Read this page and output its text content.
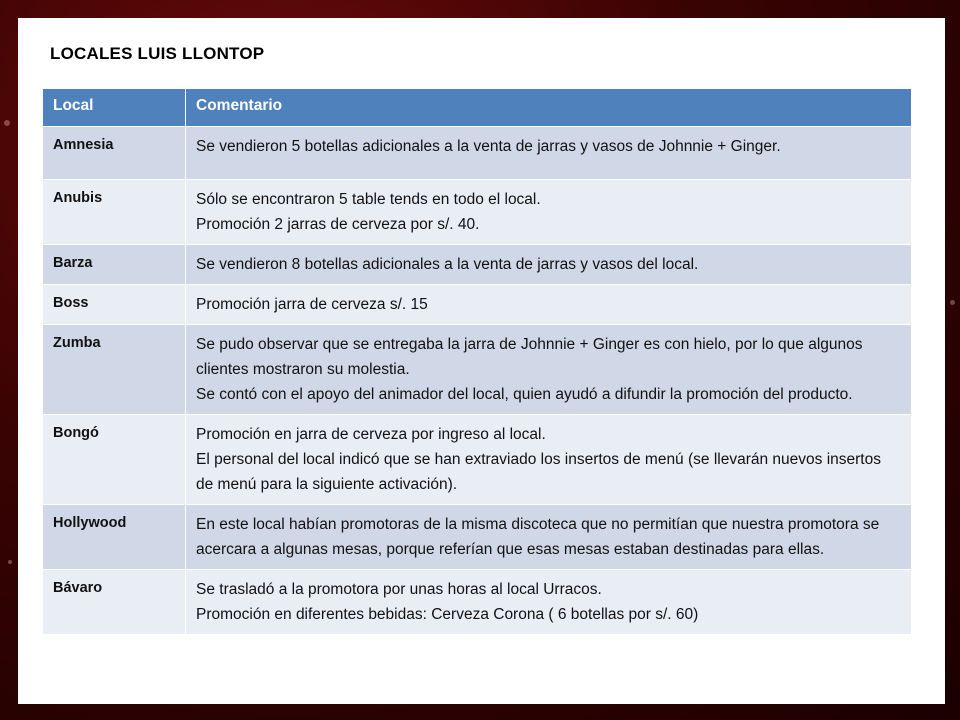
LOCALES LUIS LLONTOP
Local	Comentario
Amnesia	Se vendieron 5 botellas adicionales a la venta de jarras y vasos de Johnnie + Ginger.

Anubis	Sólo se encontraron 5 table tends en todo el local.
Promoción 2 jarras de cerveza por s/. 40.

Barza	Se vendieron 8 botellas adicionales a la venta de jarras y vasos del local.

Boss	Promoción jarra de cerveza s/. 15

Zumba	Se pudo observar que se entregaba la jarra de Johnnie + Ginger es con hielo, por lo que algunos clientes mostraron su molestia.
Se contó con el apoyo del animador del local, quien ayudó a difundir la promoción del producto.

Bongó	Promoción en jarra de cerveza por ingreso al local.
El personal del local indicó que se han extraviado los insertos de menú (se llevarán nuevos insertos de menú para la siguiente activación).

Hollywood	En este local habían promotoras de la misma discoteca que no permitían que nuestra promotora se acercara a algunas mesas, porque referían que esas mesas estaban destinadas para ellas.

Bávaro	Se trasladó a la promotora por unas horas al local Urracos.
Promoción en diferentes bebidas: Cerveza Corona ( 6 botellas por s/. 60)
